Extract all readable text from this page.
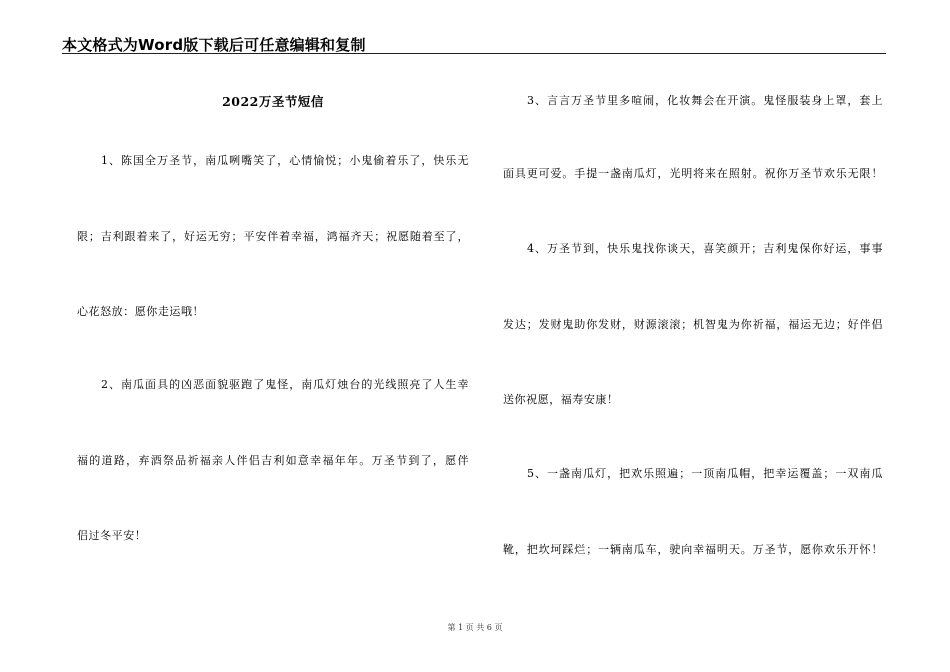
本文格式为Word版下载后可任意编辑和复制
2022万圣节短信
1、陈国全万圣节，南瓜咧嘴笑了，心情愉悦；小鬼偷着乐了，快乐无
限；吉利跟着来了，好运无穷；平安伴着幸福，鸿福齐天；祝愿随着至了，
心花怒放：愿你走运哦！
2、南瓜面具的凶恶面貌驱跑了鬼怪，南瓜灯烛台的光线照亮了人生幸
福的道路，弃酒祭品祈福亲人伴侣吉利如意幸福年年。万圣节到了，愿伴
侣过冬平安！
3、言言万圣节里多喧闹，化妆舞会在开演。鬼怪服装身上罩，套上
面具更可爱。手提一盏南瓜灯，光明将来在照射。祝你万圣节欢乐无限！
4、万圣节到，快乐鬼找你谈天，喜笑颜开；吉利鬼保你好运，事事
发达；发财鬼助你发财，财源滚滚；机智鬼为你祈福，福运无边；好伴侣
送你祝愿，福寿安康！
5、一盏南瓜灯，把欢乐照遍；一顶南瓜帽，把幸运覆盖；一双南瓜
靴，把坎坷踩烂；一辆南瓜车，驶向幸福明天。万圣节，愿你欢乐开怀！
第 1 页 共 6 页
